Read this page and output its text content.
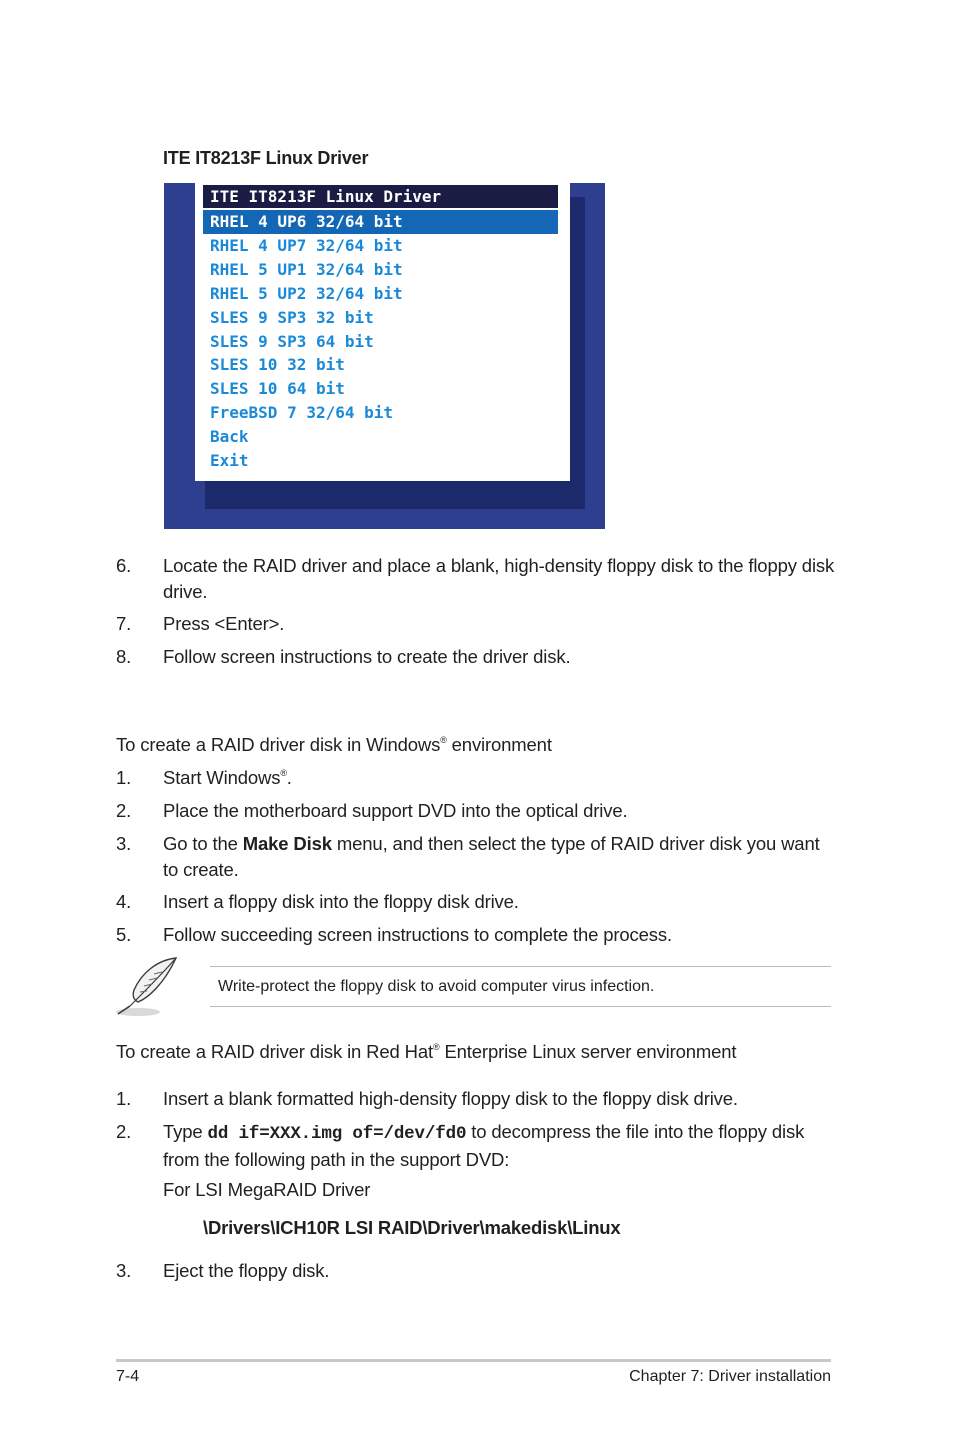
ITE IT8213F Linux Driver
ITE IT8213F Linux Driver
RHEL 4 UP6 32/64 bit
RHEL 4 UP7 32/64 bit
RHEL 5 UP1 32/64 bit
RHEL 5 UP2 32/64 bit
SLES 9 SP3 32 bit
SLES 9 SP3 64 bit
SLES 10 32 bit
SLES 10 64 bit
FreeBSD 7 32/64 bit
Back
Exit
6. Locate the RAID driver and place a blank, high-density floppy disk to the floppy disk drive.
7. Press <Enter>.
8. Follow screen instructions to create the driver disk.
To create a RAID driver disk in Windows® environment
1. Start Windows®.
2. Place the motherboard support DVD into the optical drive.
3. Go to the Make Disk menu, and then select the type of RAID driver disk you want to create.
4. Insert a floppy disk into the floppy disk drive.
5. Follow succeeding screen instructions to complete the process.
Write-protect the floppy disk to avoid computer virus infection.
To create a RAID driver disk in Red Hat® Enterprise Linux server environment
1. Insert a blank formatted high-density floppy disk to the floppy disk drive.
2. Type dd if=XXX.img of=/dev/fd0 to decompress the file into the floppy disk from the following path in the support DVD:
For LSI MegaRAID Driver
\Drivers\ICH10R LSI RAID\Driver\makedisk\Linux
3. Eject the floppy disk.
7-4	Chapter 7: Driver installation
